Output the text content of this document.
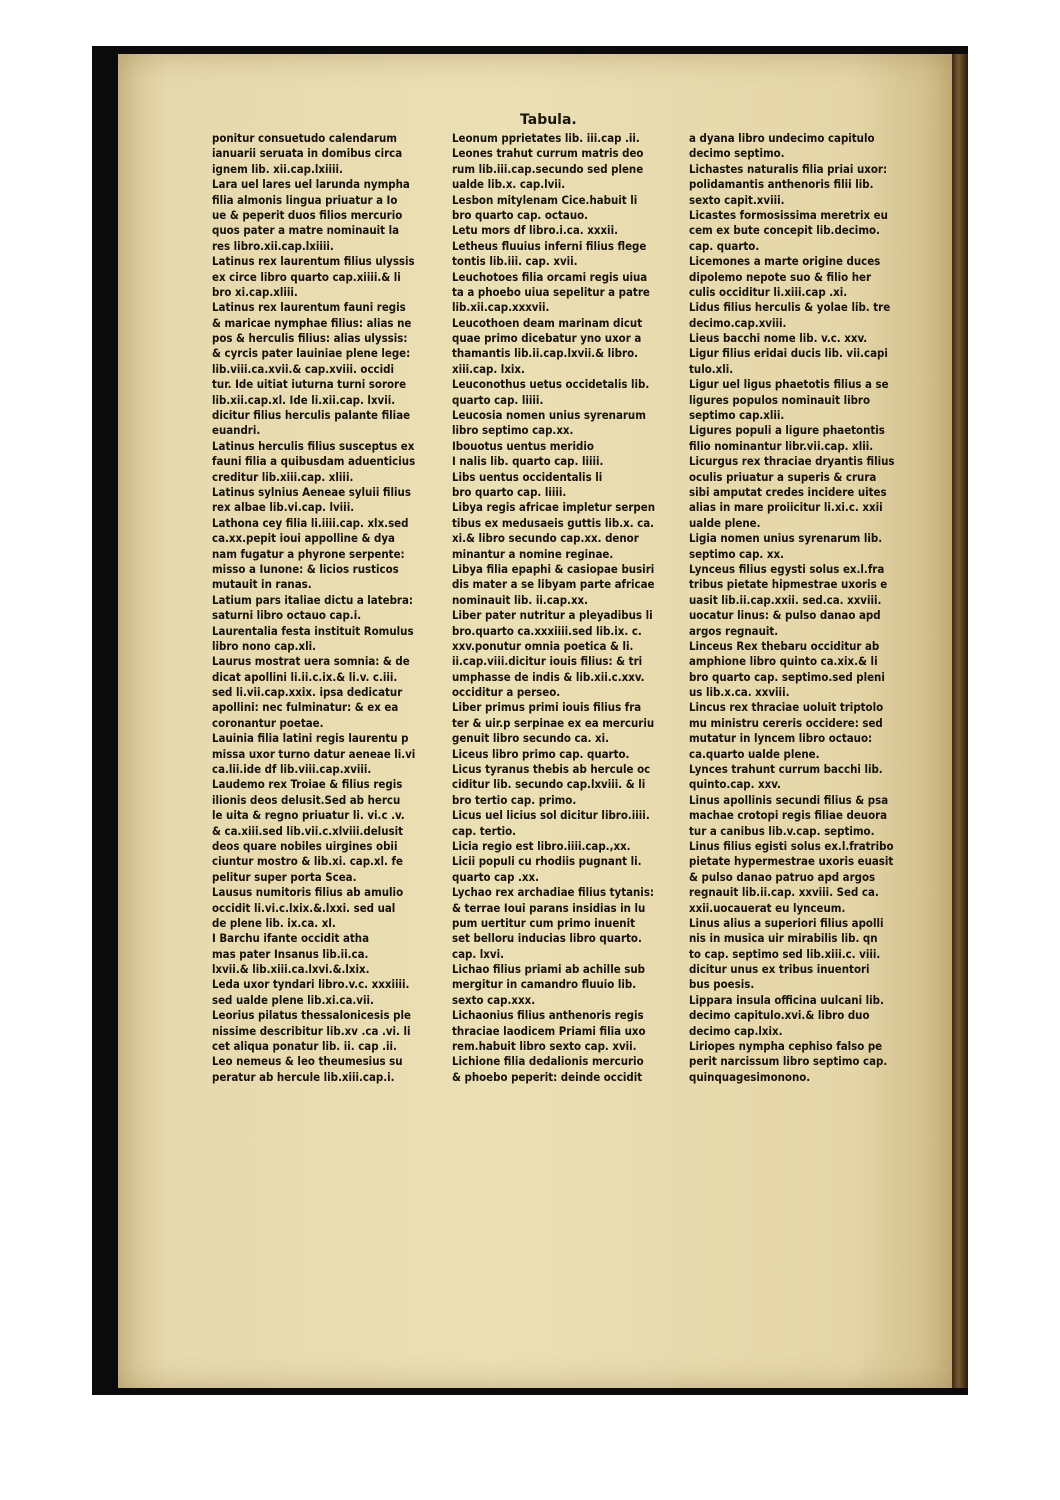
Tabula.
ponitur consuetudo calendarum
ianuarii seruata in domibus circa
ignem lib. xii.cap.lxiiii.
Lara uel lares uel larunda nympha
filia almonis lingua priuatur a Io
ue & peperit duos filios mercurio
quos pater a matre nominauit la
res libro.xii.cap.lxiiii.
Latinus rex laurentum filius ulyssis
ex circe libro quarto cap.xiiii.& li
bro xi.cap.xliii.
Latinus rex laurentum fauni regis
& maricae nymphae filius: alias ne
pos & herculis filius: alias ulyssis:
& cyrcis pater lauiniae plene lege:
lib.viii.ca.xvii.& cap.xviii. occidi
tur. Ide uitiat iuturna turni sorore
lib.xii.cap.xl. Ide li.xii.cap. lxvii.
dicitur filius herculis palante filiae
euandri.
Latinus herculis filius susceptus ex
fauni filia a quibusdam aduenticius
creditur lib.xiii.cap. xliii.
Latinus sylnius Aeneae syluii filius
rex albae lib.vi.cap. lviii.
Lathona cey filia li.iiii.cap. xlx.sed
ca.xx.pepit ioui appolline & dya
nam fugatur a phyrone serpente:
misso a Iunone: & licios rusticos
mutauit in ranas.
Latium pars italiae dictu a latebra:
saturni libro octauo cap.i.
Laurentalia festa instituit Romulus
libro nono cap.xli.
Laurus mostrat uera somnia: & de
dicat apollini li.ii.c.ix.& li.v. c.iii.
sed li.vii.cap.xxix. ipsa dedicatur
apollini: nec fulminatur: & ex ea
coronantur poetae.
Lauinia filia latini regis laurentu p
missa uxor turno datur aeneae li.vi
ca.lii.ide df lib.viii.cap.xviii.
Laudemo rex Troiae & filius regis
ilionis deos delusit.Sed ab hercu
le uita & regno priuatur li. vi.c .v.
& ca.xiii.sed lib.vii.c.xlviii.delusit
deos quare nobiles uirgines obii
ciuntur mostro & lib.xi. cap.xl. fe
pelitur super porta Scea.
Lausus numitoris filius ab amulio
occidit li.vi.c.lxix.&.lxxi. sed ual
de plene lib. ix.ca. xl.
I Barchu ifante occidit atha
mas pater Insanus lib.ii.ca.
lxvii.& lib.xiii.ca.lxvi.&.lxix.
Leda uxor tyndari libro.v.c. xxxiiii.
sed ualde plene lib.xi.ca.vii.
Leorius pilatus thessalonicesis ple
nissime describitur lib.xv .ca .vi. li
cet aliqua ponatur lib. ii. cap .ii.
Leo nemeus & leo theumesius su
peratur ab hercule lib.xiii.cap.i.
Leonum pprietates lib. iii.cap .ii.
Leones trahut currum matris deo
rum lib.iii.cap.secundo sed plene
ualde lib.x. cap.lvii.
Lesbon mitylenam Cice.habuit li
bro quarto cap. octauo.
Letu mors df libro.i.ca. xxxii.
Letheus fluuius inferni filius flege
tontis lib.iii. cap. xvii.
Leuchotoes filia orcami regis uiua
ta a phoebo uiua sepelitur a patre
lib.xii.cap.xxxvii.
Leucothoen deam marinam dicut
quae primo dicebatur yno uxor a
thamantis lib.ii.cap.lxvii.& libro.
xiii.cap. lxix.
Leuconothus uetus occidetalis lib.
quarto cap. liiii.
Leucosia nomen unius syrenarum
libro septimo cap.xx.
Ibouotus uentus meridio
I nalis lib. quarto cap. liiii.
Libs uentus occidentalis li
bro quarto cap. liiii.
Libya regis africae impletur serpen
tibus ex medusaeis guttis lib.x. ca.
xi.& libro secundo cap.xx. denor
minantur a nomine reginae.
Libya filia epaphi & casiopae busiri
dis mater a se libyam parte africae
nominauit lib. ii.cap.xx.
Liber pater nutritur a pleyadibus li
bro.quarto ca.xxxiiii.sed lib.ix. c.
xxv.ponutur omnia poetica & li.
ii.cap.viii.dicitur iouis filius: & tri
umphasse de indis & lib.xii.c.xxv.
occiditur a perseo.
Liber primus primi iouis filius fra
ter & uir.p serpinae ex ea mercuriu
genuit libro secundo ca. xi.
Liceus libro primo cap. quarto.
Licus tyranus thebis ab hercule oc
ciditur lib. secundo cap.lxviii. & li
bro tertio cap. primo.
Licus uel licius sol dicitur libro.iiii.
cap. tertio.
Licia regio est libro.iiii.cap.,xx.
Licii populi cu rhodiis pugnant li.
quarto cap .xx.
Lychao rex archadiae filius tytanis:
& terrae Ioui parans insidias in lu
pum uertitur cum primo inuenit
set belloru inducias libro quarto.
cap. lxvi.
Lichao filius priami ab achille sub
mergitur in camandro fluuio lib.
sexto cap.xxx.
Lichaonius filius anthenoris regis
thraciae laodicem Priami filia uxo
rem.habuit libro sexto cap. xvii.
Lichione filia dedalionis mercurio
& phoebo peperit: deinde occidit
a dyana libro undecimo capitulo
decimo septimo.
Lichastes naturalis filia priai uxor:
polidamantis anthenoris filii lib.
sexto capit.xviii.
Licastes formosissima meretrix eu
cem ex bute concepit lib.decimo.
cap. quarto.
Licemones a marte origine duces
dipolemo nepote suo & filio her
culis occiditur li.xiii.cap .xi.
Lidus filius herculis & yolae lib. tre
decimo.cap.xviii.
Lieus bacchi nome lib. v.c. xxv.
Ligur filius eridai ducis lib. vii.capi
tulo.xli.
Ligur uel ligus phaetotis filius a se
ligures populos nominauit libro
septimo cap.xlii.
Ligures populi a ligure phaetontis
filio nominantur libr.vii.cap. xlii.
Licurgus rex thraciae dryantis filius
oculis priuatur a superis & crura
sibi amputat credes incidere uites
alias in mare proiicitur li.xi.c. xxii
ualde plene.
Ligia nomen unius syrenarum lib.
septimo cap. xx.
Lynceus filius egysti solus ex.l.fra
tribus pietate hipmestrae uxoris e
uasit lib.ii.cap.xxii. sed.ca. xxviii.
uocatur linus: & pulso danao apd
argos regnauit.
Linceus Rex thebaru occiditur ab
amphione libro quinto ca.xix.& li
bro quarto cap. septimo.sed pleni
us lib.x.ca. xxviii.
Lincus rex thraciae uoluit triptolo
mu ministru cereris occidere: sed
mutatur in lyncem libro octauo:
ca.quarto ualde plene.
Lynces trahunt currum bacchi lib.
quinto.cap. xxv.
Linus apollinis secundi filius & psa
machae crotopi regis filiae deuora
tur a canibus lib.v.cap. septimo.
Linus filius egisti solus ex.l.fratribo
pietate hypermestrae uxoris euasit
& pulso danao patruo apd argos
regnauit lib.ii.cap. xxviii. Sed ca.
xxii.uocauerat eu lynceum.
Linus alius a superiori filius apolli
nis in musica uir mirabilis lib. qn
to cap. septimo sed lib.xiii.c. viii.
dicitur unus ex tribus inuentori
bus poesis.
Lippara insula officina uulcani lib.
decimo capitulo.xvi.& libro duo
decimo cap.lxix.
Liriopes nympha cephiso falso pe
perit narcissum libro septimo cap.
quinquagesimonono.
